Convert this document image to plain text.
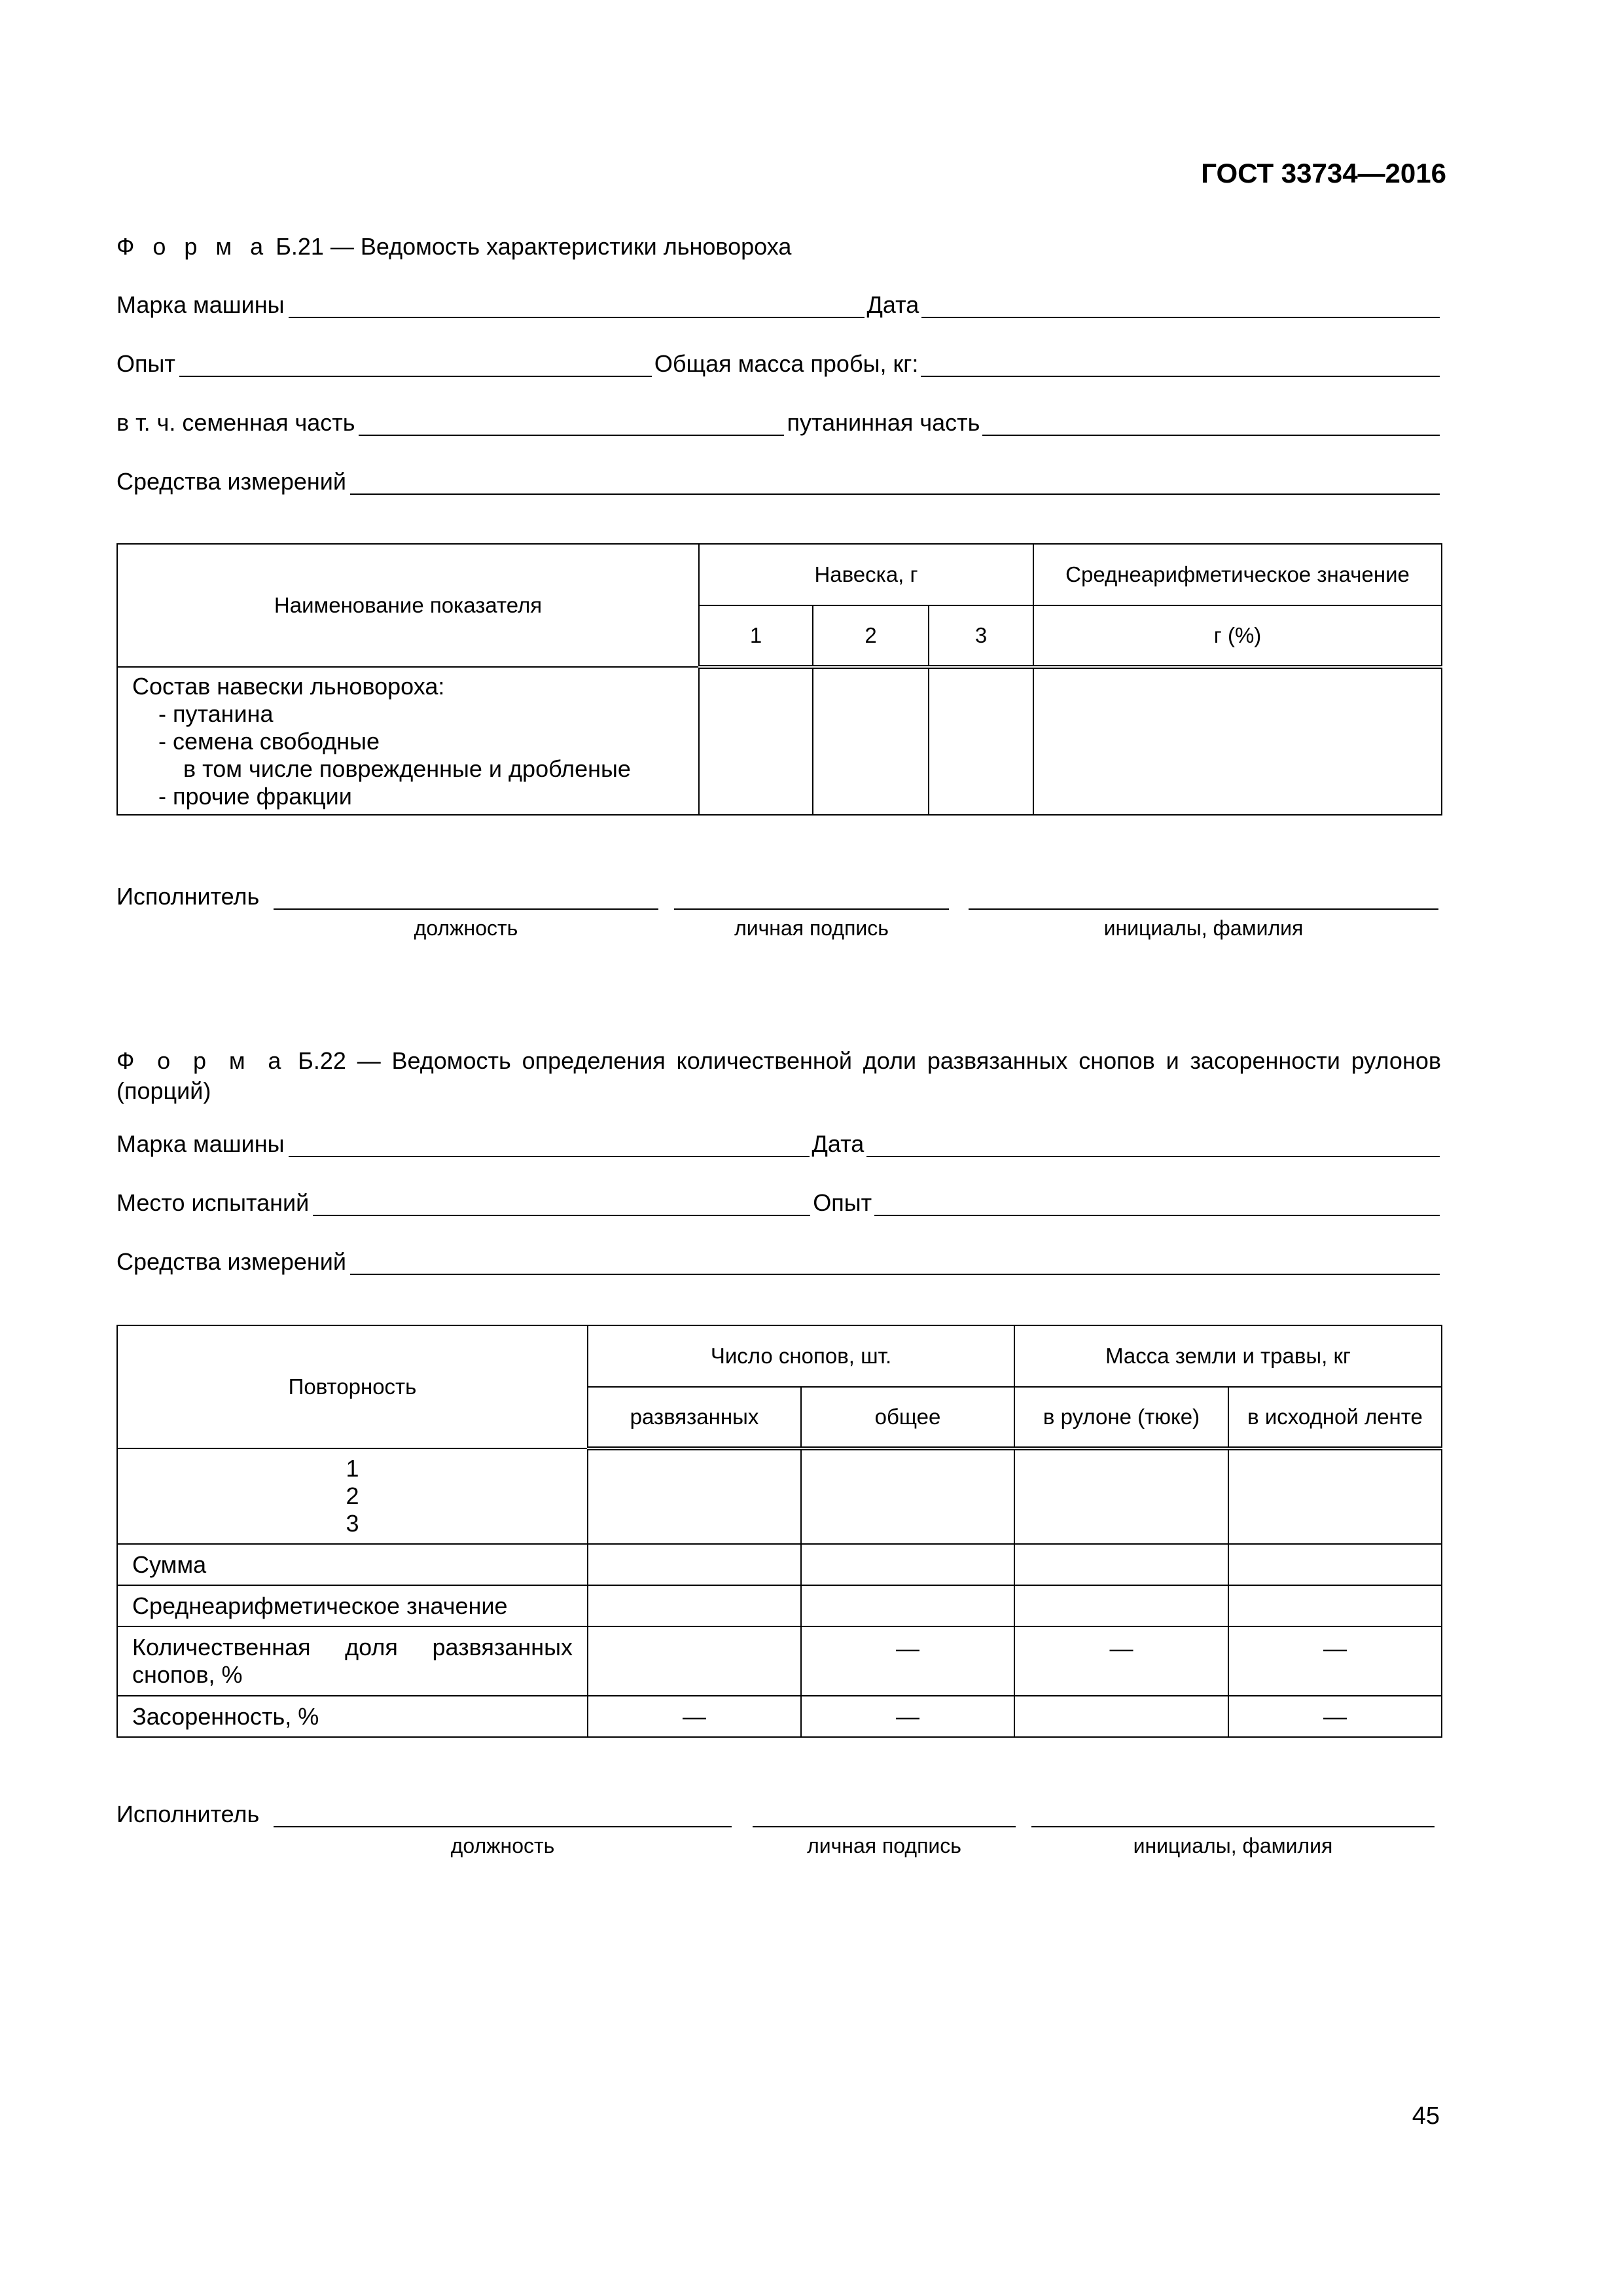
ГОСТ 33734—2016
Ф о р м а Б.21 — Ведомость характеристики льновороха
Марка машины	Дата
Опыт	Общая масса пробы, кг:
в т. ч. семенная часть	путанинная часть
Средства измерений
Наименование показателя	Навеска, г			Среднеарифметическое значение
	1	2	3	г (%)

Состав навески льновороха:
- путанина
- семена свободные
в том числе поврежденные и дробленые
- прочие фракции				

Исполнитель
должность	личная подпись	инициалы, фамилия
Ф о р м а Б.22 — Ведомость определения количественной доли развязанных снопов и засоренности рулонов (порций)
Марка машины	Дата
Место испытаний	Опыт
Средства измерений
Повторность	Число снопов, шт.		Масса земли и травы, кг	
	развязанных	общее	в рулоне (тюке)	в исходной ленте

1
2
3				

Сумма				
Среднеарифметическое значение				
Количественная доля развязанных снопов, %		—	—	—
Засоренность, %	—	—		—
Исполнитель
должность	личная подпись	инициалы, фамилия
45
